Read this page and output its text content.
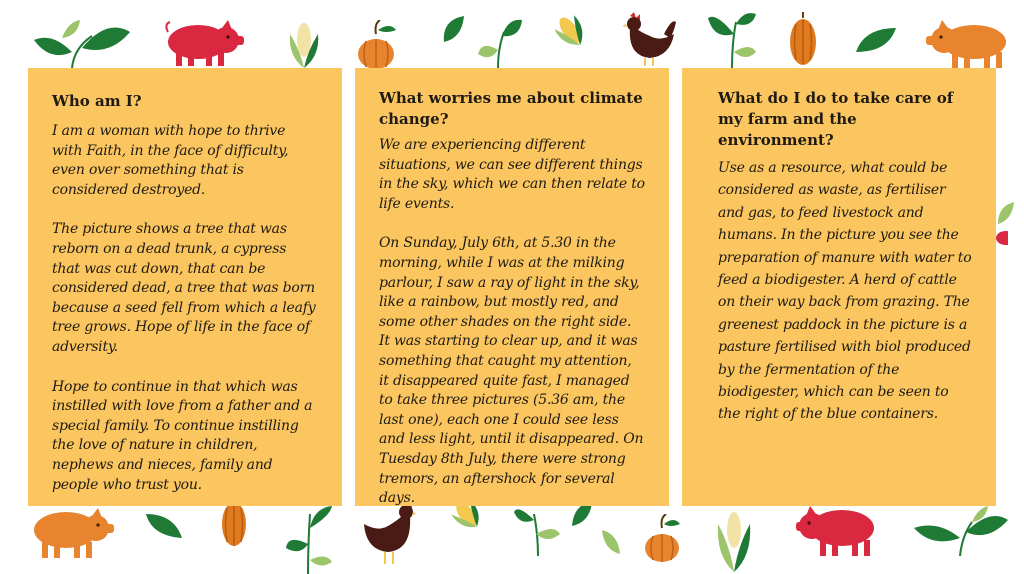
Who am I?

I am a woman with hope to thrive with Faith, in the face of difficulty, even over something that is considered destroyed.

The picture shows a tree that was reborn on a dead trunk, a cypress that was cut down, that can be considered dead, a tree that was born because a seed fell from which a leafy tree grows. Hope of life in the face of adversity.

Hope to continue in that which was instilled with love from a father and a special family. To continue instilling the love of nature in children, nephews and nieces, family and people who trust you.

What worries me about climate change?

We are experiencing different situations, we can see different things in the sky, which we can then relate to life events.

On Sunday, July 6th, at 5.30 in the morning, while I was at the milking parlour, I saw a ray of light in the sky, like a rainbow, but mostly red, and some other shades on the right side. It was starting to clear up, and it was something that caught my attention, it disappeared quite fast, I managed to take three pictures (5.36 am, the last one), each one I could see less and less light, until it disappeared. On Tuesday 8th July, there were strong tremors, an aftershock for several days.

What do I do to take care of my farm and the environment?

Use as a resource, what could be considered as waste, as fertiliser and gas, to feed livestock and humans. In the picture you see the preparation of manure with water to feed a biodigester. A herd of cattle on their way back from grazing. The greenest paddock in the picture is a pasture fertilised with biol produced by the fermentation of the biodigester, which can be seen to the right of the blue containers.
